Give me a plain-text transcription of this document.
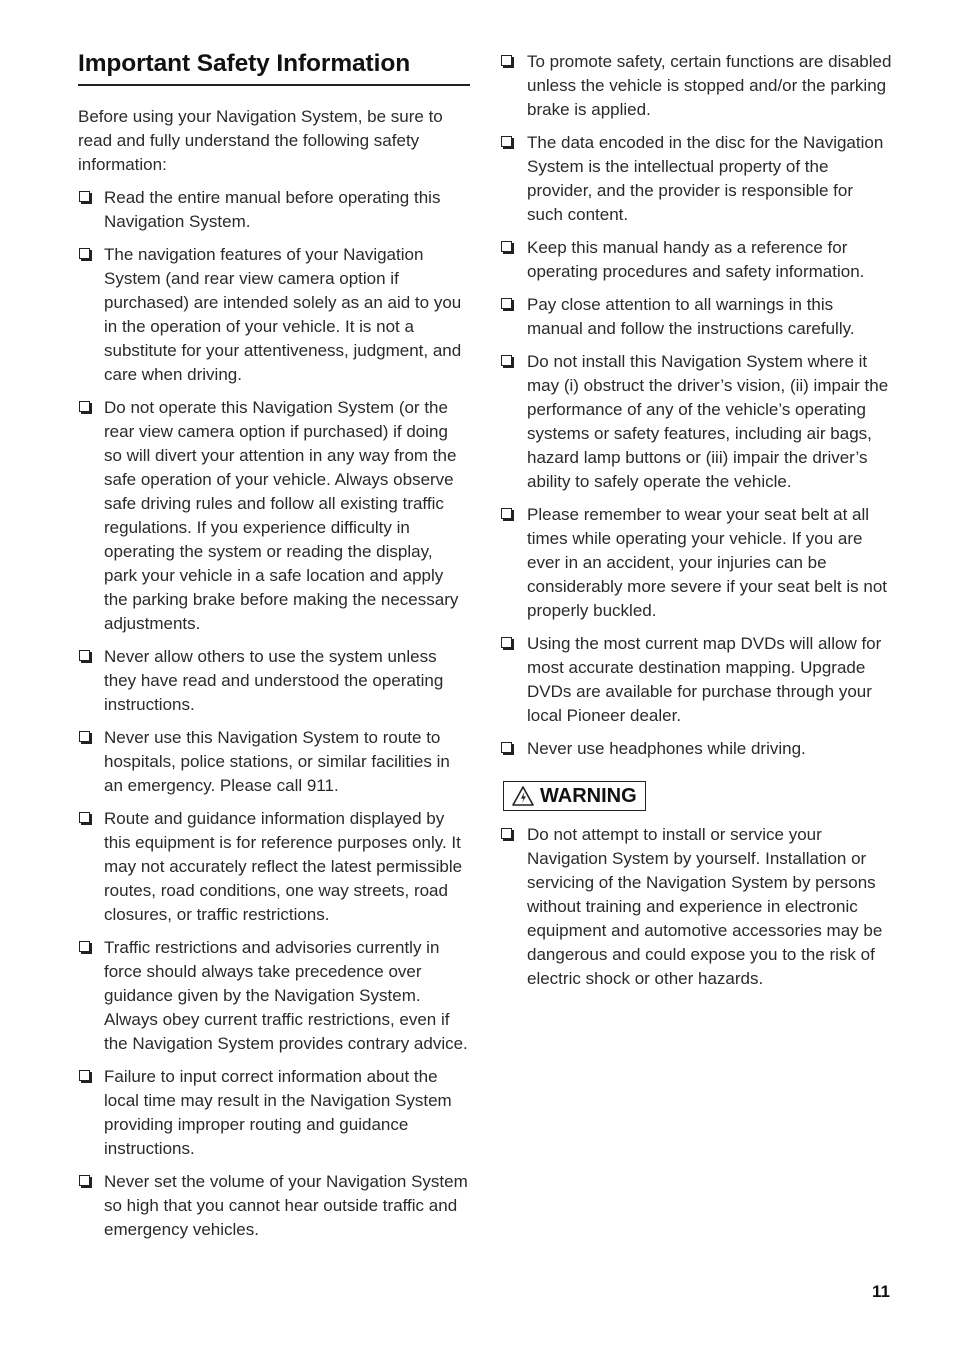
Important Safety Information

Before using your Navigation System, be sure to read and fully understand the following safety information:

Read the entire manual before operating this Navigation System.
The navigation features of your Navigation System (and rear view camera option if purchased) are intended solely as an aid to you in the operation of your vehicle. It is not a substitute for your attentiveness, judgment, and care when driving.
Do not operate this Navigation System (or the rear view camera option if purchased) if doing so will divert your attention in any way from the safe operation of your vehicle. Always observe safe driving rules and follow all existing traffic regulations. If you experience difficulty in operating the system or reading the display, park your vehicle in a safe location and apply the parking brake before making the necessary adjustments.
Never allow others to use the system unless they have read and understood the operating instructions.
Never use this Navigation System to route to hospitals, police stations, or similar facilities in an emergency. Please call 911.
Route and guidance information displayed by this equipment is for reference purposes only. It may not accurately reflect the latest permissible routes, road conditions, one way streets, road closures, or traffic restrictions.
Traffic restrictions and advisories currently in force should always take precedence over guidance given by the Navigation System. Always obey current traffic restrictions, even if the Navigation System provides contrary advice.
Failure to input correct information about the local time may result in the Navigation System providing improper routing and guidance instructions.
Never set the volume of your Navigation System so high that you cannot hear outside traffic and emergency vehicles.
To promote safety, certain functions are disabled unless the vehicle is stopped and/or the parking brake is applied.
The data encoded in the disc for the Navigation System is the intellectual property of the provider, and the provider is responsible for such content.
Keep this manual handy as a reference for operating procedures and safety information.
Pay close attention to all warnings in this manual and follow the instructions carefully.
Do not install this Navigation System where it may (i) obstruct the driver’s vision, (ii) impair the performance of any of the vehicle’s operating systems or safety features, including air bags, hazard lamp buttons or (iii) impair the driver’s ability to safely operate the vehicle.
Please remember to wear your seat belt at all times while operating your vehicle. If you are ever in an accident, your injuries can be considerably more severe if your seat belt is not properly buckled.
Using the most current map DVDs will allow for most accurate destination mapping. Upgrade DVDs are available for purchase through your local Pioneer dealer.
Never use headphones while driving.
WARNING
Do not attempt to install or service your Navigation System by yourself. Installation or servicing of the Navigation System by persons without training and experience in electronic equipment and automotive accessories may be dangerous and could expose you to the risk of electric shock or other hazards.
11
